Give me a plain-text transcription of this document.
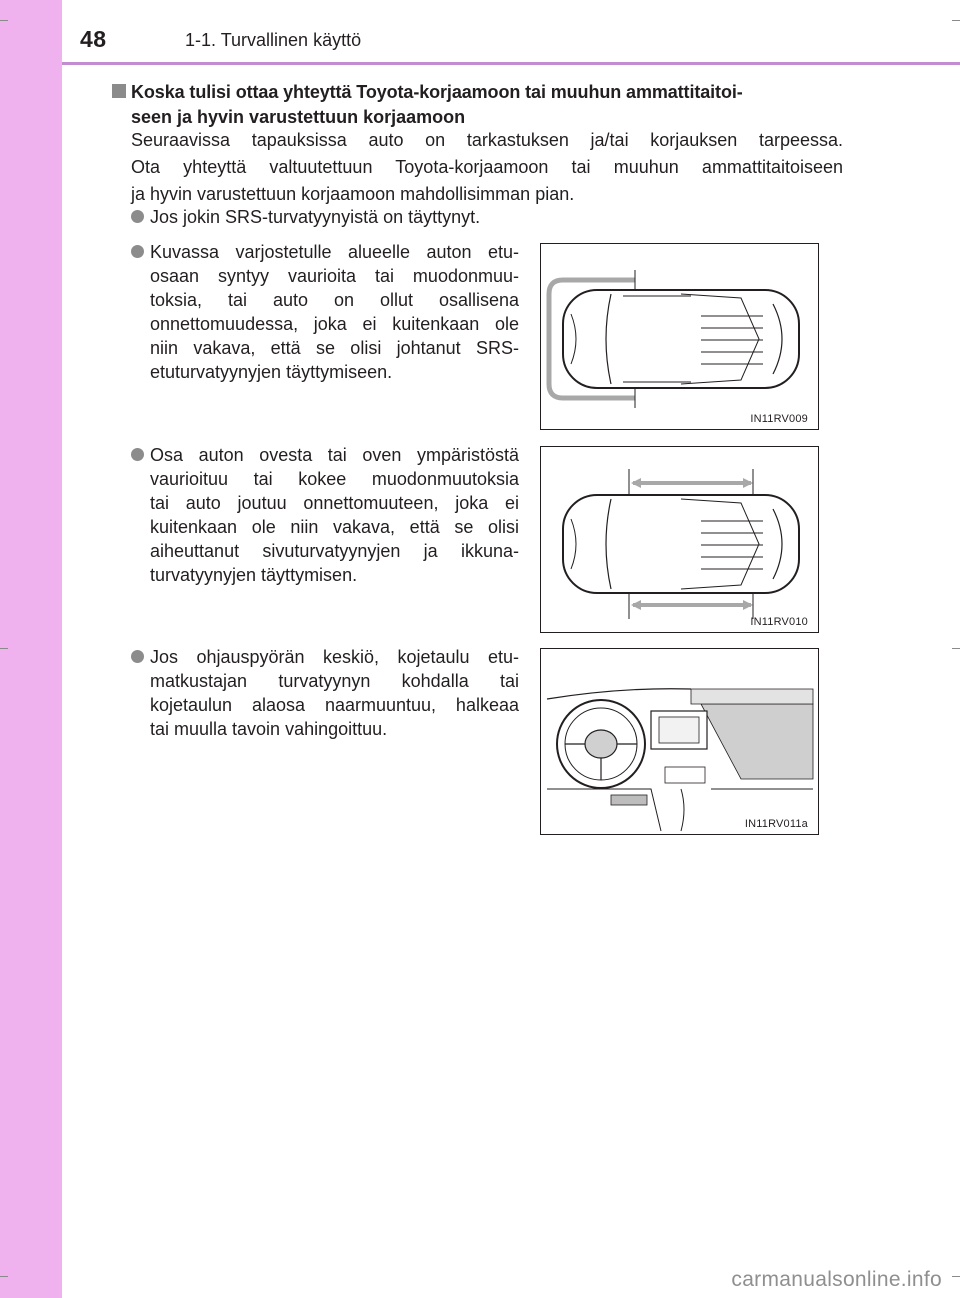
48	1-1. Turvallinen käyttö
Koska tulisi ottaa yhteyttä Toyota-korjaamoon tai muuhun ammattitaitoi-
seen ja hyvin varustettuun korjaamoon
Seuraavissa tapauksissa auto on tarkastuksen ja/tai korjauksen tarpeessa.
Ota yhteyttä valtuutettuun Toyota-korjaamoon tai muuhun ammattitaitoiseen
ja hyvin varustettuun korjaamoon mahdollisimman pian.
Jos jokin SRS-turvatyynyistä on täyttynyt.
Kuvassa varjostetulle alueelle auton etu-
osaan syntyy vaurioita tai muodonmuu-
toksia, tai auto on ollut osallisena
onnettomuudessa, joka ei kuitenkaan ole
niin vakava, että se olisi johtanut SRS-
etuturvatyynyjen täyttymiseen.
Osa auton ovesta tai oven ympäristöstä
vaurioituu tai kokee muodonmuutoksia
tai auto joutuu onnettomuuteen, joka ei
kuitenkaan ole niin vakava, että se olisi
aiheuttanut sivuturvatyynyjen ja ikkuna-
turvatyynyjen täyttymisen.
Jos ohjauspyörän keskiö, kojetaulu etu-
matkustajan turvatyynyn kohdalla tai
kojetaulun alaosa naarmuuntuu, halkeaa
tai muulla tavoin vahingoittuu.
IN11RV009
IN11RV010
IN11RV011a
carmanualsonline.info
